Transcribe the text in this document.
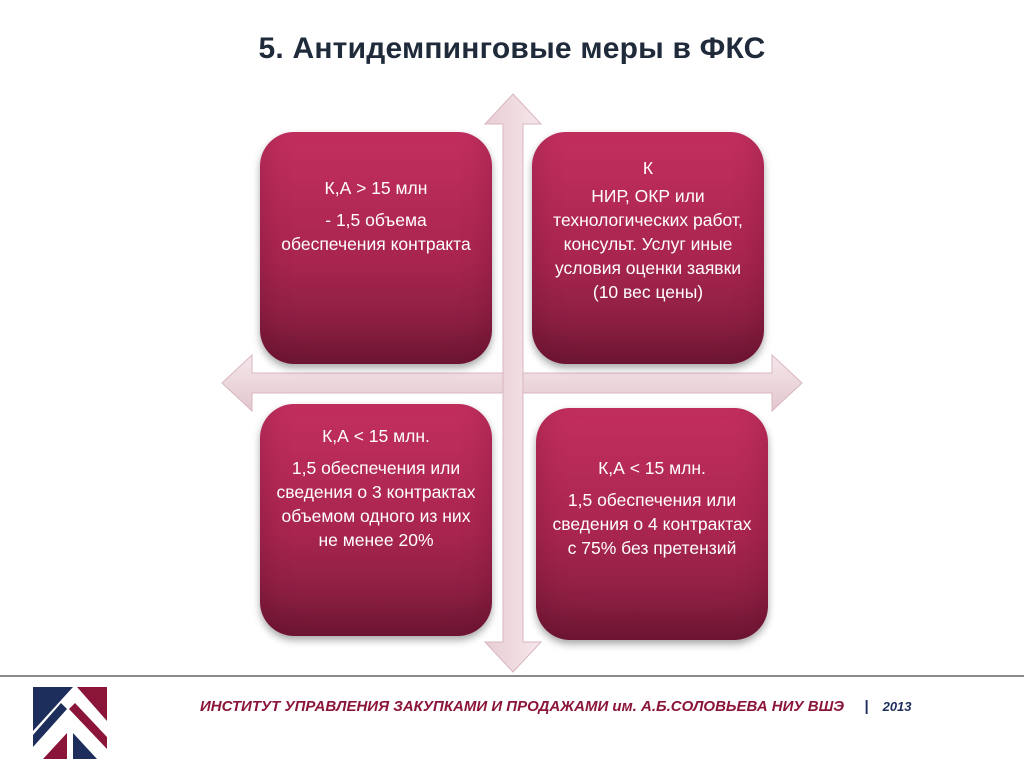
5. Антидемпинговые меры в ФКС

К,А > 15 млн

- 1,5 объема обеспечения контракта

К

НИР, ОКР или технологических работ, консульт. Услуг иные условия оценки заявки (10 вес цены)

К,А < 15 млн.

1,5 обеспечения или сведения о 3 контрактах объемом одного из них не менее 20%

К,А < 15 млн.

1,5 обеспечения или сведения о 4 контрактах с 75% без претензий

ИНСТИТУТ УПРАВЛЕНИЯ ЗАКУПКАМИ И ПРОДАЖАМИ им. А.Б.СОЛОВЬЕВА НИУ ВШЭ | 2013
